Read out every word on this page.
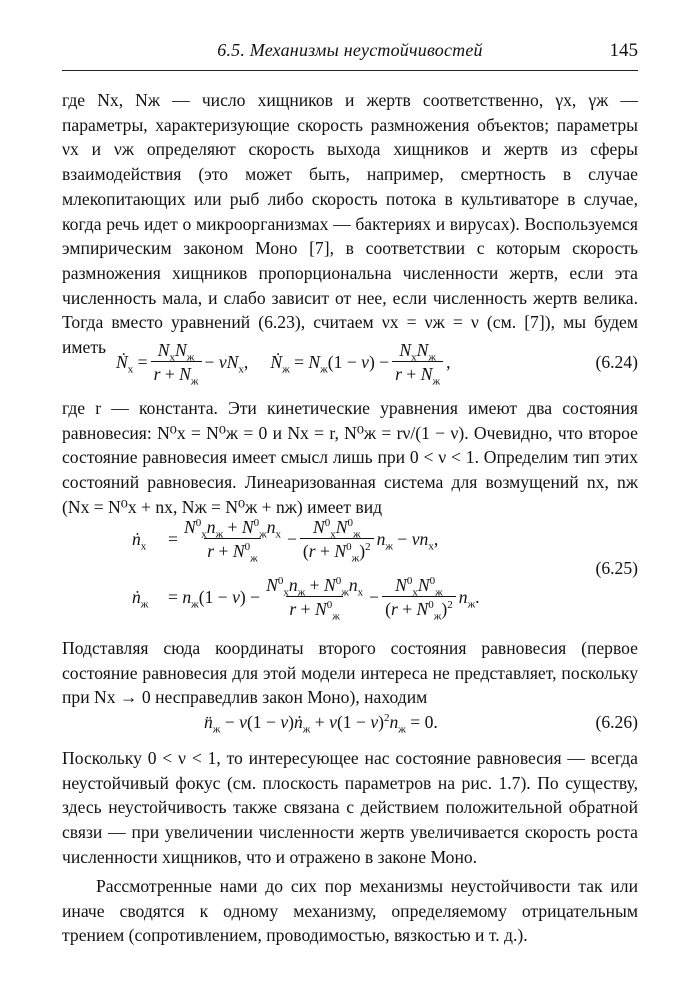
6.5. Механизмы неустойчивостей	145

где Nх, Nж — число хищников и жертв соответственно, γх, γж — параметры, характеризующие скорость размножения объектов; параметры νх и νж определяют скорость выхода хищников и жертв из сферы взаимодействия (это может быть, например, смертность в случае млекопитающих или рыб либо скорость потока в культиваторе в случае, когда речь идет о микроорганизмах — бактериях и вирусах). Воспользуемся эмпирическим законом Моно [7], в соответствии с которым скорость размножения хищников пропорциональна численности жертв, если эта численность мала, и слабо зависит от нее, если численность жертв велика. Тогда вместо уравнений (6.23), считаем νх = νж = ν (см. [7]), мы будем иметь

Ṅ$_х$ = $\frac{N_хN_ж}{r + N_ж} - \nu N_х$, Ṅ$_ж$ = $N_ж(1 - \nu) - \frac{N_хN_ж}{r + N_ж}$ ,	(6.24)

где r — константа. Эти кинетические уравнения имеют два состояния равновесия: N⁰х = N⁰ж = 0 и Nх = r, N⁰ж = rν/(1 − ν). Очевидно, что второе состояние равновесия имеет смысл лишь при 0 < ν < 1. Определим тип этих состояний равновесия. Линеаризованная система для возмущений nх, nж (Nх = N⁰х + nх, Nж = N⁰ж + nж) имеет вид

ṅ$_х$	= $\frac{N^0_хn_ж + N^0_жn_х}{r + N^0_ж} - \frac{N^0_хN^0_ж}{(r + N^0_ж)^2} n_ж - \nu n_х$,
ṅ$_ж$	= $n_ж(1 - \nu) - \frac{N^0_хn_ж + N^0_жn_х}{r + N^0_ж} - \frac{N^0_хN^0_ж}{(r + N^0_ж)^2} n_ж$.
(6.25)

Подставляя сюда координаты второго состояния равновесия (первое состояние равновесия для этой модели интереса не представляет, поскольку при Nх → 0 несправедлив закон Моно), находим

$n̈_ж - \nu(1$ − ν)ṅ$_ж$ + $\nu(1 - \nu)^2n_ж = 0$.	(6.26)

Поскольку 0 < ν < 1, то интересующее нас состояние равновесия — всегда неустойчивый фокус (см. плоскость параметров на рис. 1.7). По существу, здесь неустойчивость также связана с действием положительной обратной связи — при увеличении численности жертв увеличивается скорость роста численности хищников, что и отражено в законе Моно.

Рассмотренные нами до сих пор механизмы неустойчивости так или иначе сводятся к одному механизму, определяемому отрицательным трением (сопротивлением, проводимостью, вязкостью и т. д.).
